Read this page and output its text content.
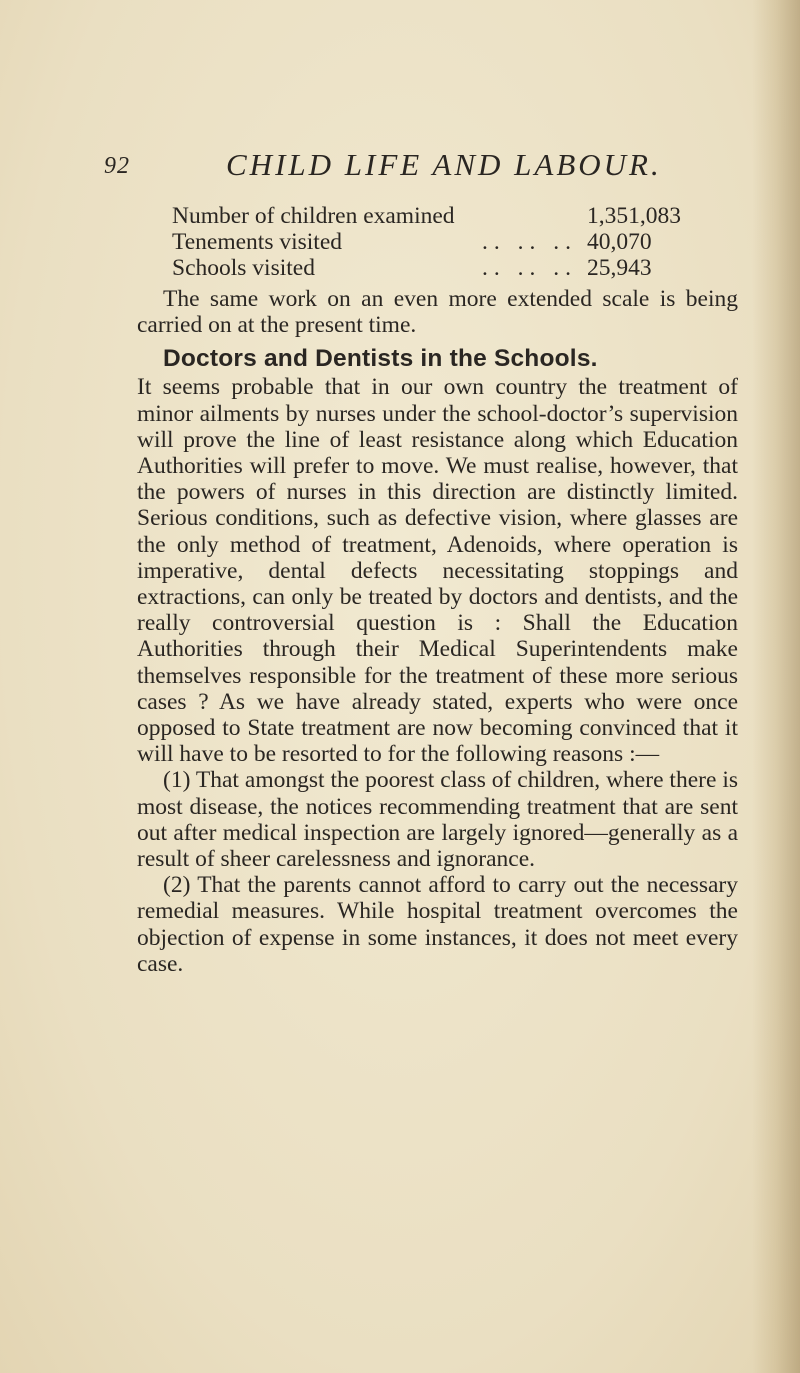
92	CHILD LIFE AND LABOUR.
Number of children examined	1,351,083
Tenements visited	.. .. .. 40,070
Schools visited	.. .. .. 25,943

The same work on an even more extended scale is being carried on at the present time.

Doctors and Dentists in the Schools.

It seems probable that in our own country the treatment of minor ailments by nurses under the school-doctor’s supervision will prove the line of least resistance along which Education Authorities will prefer to move. We must realise, however, that the powers of nurses in this direction are distinctly limited. Serious conditions, such as defective vision, where glasses are the only method of treatment, Adenoids, where operation is imperative, dental defects necessitating stoppings and extractions, can only be treated by doctors and dentists, and the really controversial question is : Shall the Education Authorities through their Medical Superintendents make themselves responsible for the treatment of these more serious cases ? As we have already stated, experts who were once opposed to State treatment are now becoming convinced that it will have to be resorted to for the following reasons :—

(1) That amongst the poorest class of children, where there is most disease, the notices recommending treatment that are sent out after medical inspection are largely ignored—generally as a result of sheer carelessness and ignorance.

(2) That the parents cannot afford to carry out the necessary remedial measures. While hospital treatment overcomes the objection of expense in some instances, it does not meet every case.
